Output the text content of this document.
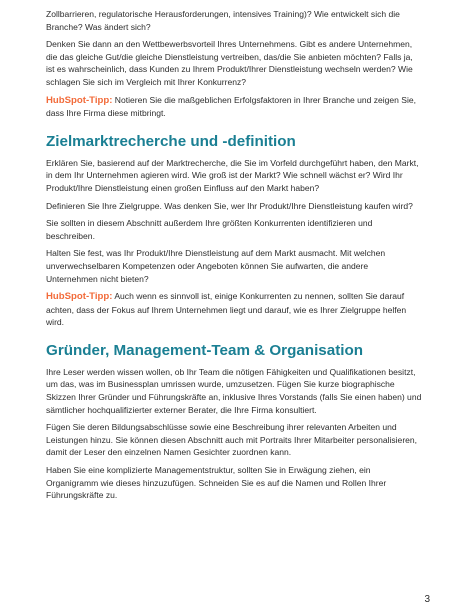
Zollbarrieren, regulatorische Herausforderungen, intensives Training)? Wie entwickelt sich die Branche? Was ändert sich?

Denken Sie dann an den Wettbewerbsvorteil Ihres Unternehmens. Gibt es andere Unternehmen, die das gleiche Gut/die gleiche Dienstleistung vertreiben, das/die Sie anbieten möchten? Falls ja, ist es wahrscheinlich, dass Kunden zu Ihrem Produkt/Ihrer Dienstleistung wechseln werden? Wie schlagen Sie sich im Vergleich mit Ihrer Konkurrenz?

HubSpot-Tipp: Notieren Sie die maßgeblichen Erfolgsfaktoren in Ihrer Branche und zeigen Sie, dass Ihre Firma diese mitbringt.

Zielmarktrecherche und -definition

Erklären Sie, basierend auf der Marktrecherche, die Sie im Vorfeld durchgeführt haben, den Markt, in dem Ihr Unternehmen agieren wird. Wie groß ist der Markt? Wie schnell wächst er? Wird Ihr Produkt/Ihre Dienstleistung einen großen Einfluss auf den Markt haben?

Definieren Sie Ihre Zielgruppe. Was denken Sie, wer Ihr Produkt/Ihre Dienstleistung kaufen wird?

Sie sollten in diesem Abschnitt außerdem Ihre größten Konkurrenten identifizieren und beschreiben.

Halten Sie fest, was Ihr Produkt/Ihre Dienstleistung auf dem Markt ausmacht. Mit welchen unverwechselbaren Kompetenzen oder Angeboten können Sie aufwarten, die andere Unternehmen nicht bieten?

HubSpot-Tipp: Auch wenn es sinnvoll ist, einige Konkurrenten zu nennen, sollten Sie darauf achten, dass der Fokus auf Ihrem Unternehmen liegt und darauf, wie es Ihrer Zielgruppe helfen wird.

Gründer, Management-Team & Organisation

Ihre Leser werden wissen wollen, ob Ihr Team die nötigen Fähigkeiten und Qualifikationen besitzt, um das, was im Businessplan umrissen wurde, umzusetzen. Fügen Sie kurze biographische Skizzen Ihrer Gründer und Führungskräfte an, inklusive Ihres Vorstands (falls Sie einen haben) und sämtlicher hochqualifizierter externer Berater, die Ihre Firma konsultiert.

Fügen Sie deren Bildungsabschlüsse sowie eine Beschreibung ihrer relevanten Arbeiten und Leistungen hinzu. Sie können diesen Abschnitt auch mit Portraits Ihrer Mitarbeiter personalisieren, damit der Leser den einzelnen Namen Gesichter zuordnen kann.

Haben Sie eine komplizierte Managementstruktur, sollten Sie in Erwägung ziehen, ein Organigramm wie dieses hinzuzufügen. Schneiden Sie es auf die Namen und Rollen Ihrer Führungskräfte zu.

3
